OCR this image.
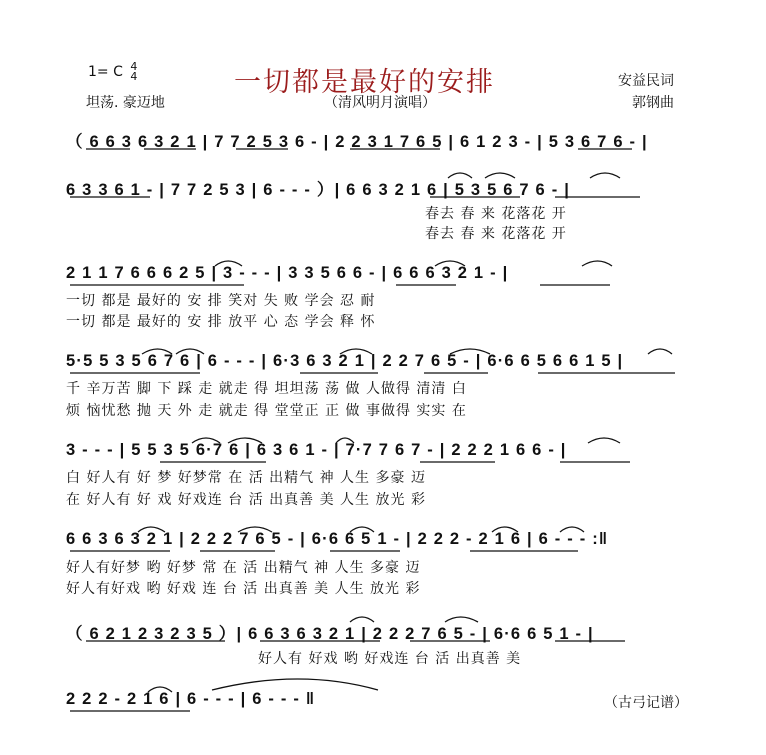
1= C 4
4	一切都是最好的安排	安益民词
坦荡. 豪迈地	（清风明月演唱）	郭钢曲
（ 6 6 3 6 3 2 1 | 7 7 2 5 3 6 - | 2 2 3 1 7 6 5 | 6 1 2 3 - | 5 3 6 7 6 - |
6 3 3 6 1 - | 7 7 2 5 3 | 6 - - - ）| 6 6 3 2 1 6 | 5 3 5 6 7 6 - |
春去 春 来 花落花 开
春去 春 来 花落花 开
2 1 1 7 6 6 6 2 5 | 3 - - - | 3 3 5 6 6 - | 6 6 6 3 2 1 - |
一切 都是 最好的 安 排 笑对 失 败 学会 忍 耐
一切 都是 最好的 安 排 放平 心 态 学会 释 怀
5·5 5 3 5 6 7 6 | 6 - - - | 6·3 6 3 2 1 | 2 2 7 6 5 - | 6·6 6 5 6 6 1 5 |
千 辛万苦 脚 下 踩 走 就走 得 坦坦荡 荡 做 人做得 清清 白
烦 恼忧愁 抛 天 外 走 就走 得 堂堂正 正 做 事做得 实实 在
3 - - - | 5 5 3 5 6·7 6 | 6 3 6 1 - | 7·7 7 6 7 - | 2 2 2 1 6 6 - |
白 好人有 好 梦 好梦常 在 活 出精气 神 人生 多豪 迈
在 好人有 好 戏 好戏连 台 活 出真善 美 人生 放光 彩
6 6 3 6 3 2 1 | 2 2 2 7 6 5 - | 6·6 6 5 1 - | 2 2 2 - 2 1 6 | 6 - - - :‖
好人有好梦 哟 好梦 常 在 活 出精气 神 人生 多豪 迈
好人有好戏 哟 好戏 连 台 活 出真善 美 人生 放光 彩
（ 6 2 1 2 3 2 3 5 ）| 6 6 3 6 3 2 1 | 2 2 2 7 6 5 - | 6·6 6 5 1 - |
好人有 好戏 哟 好戏连 台 活 出真善 美
2 2 2 - 2 1 6 | 6 - - - | 6 - - - ‖	（古弓记谱）
